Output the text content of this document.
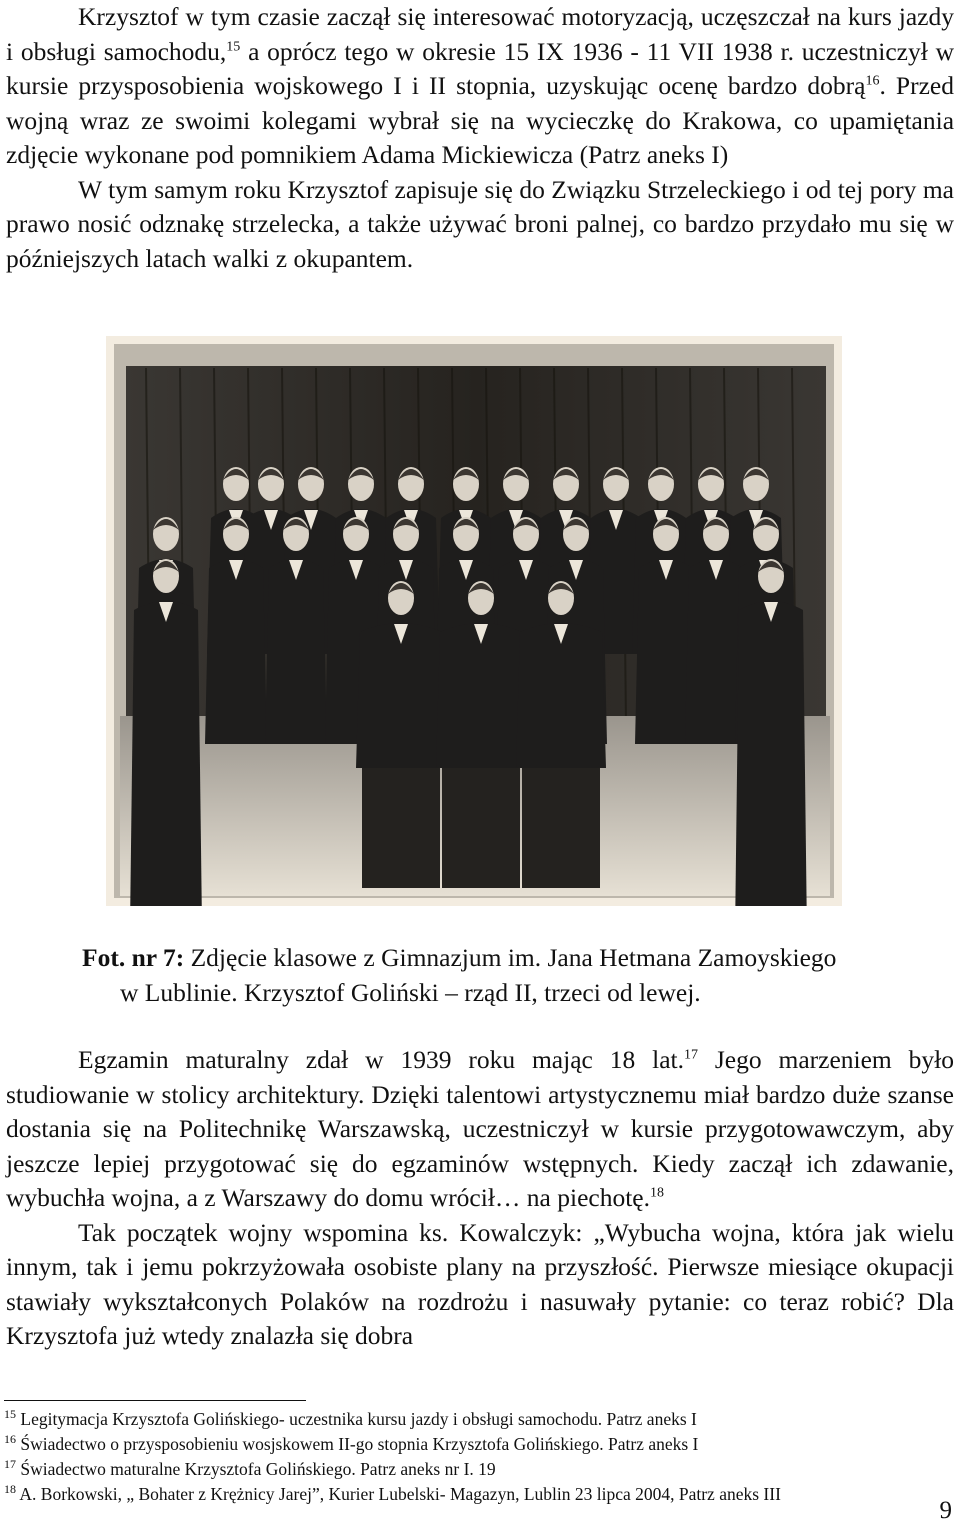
Krzysztof w tym czasie zaczął się interesować motoryzacją, uczęszczał na kurs jazdy i obsługi samochodu,$^{15}$ a oprócz tego w okresie 15 IX 1936 - 11 VII 1938 r. uczestniczył w kursie przysposobienia wojskowego I i II stopnia, uzyskując ocenę bardzo dobrą$^{16}$. Przed wojną wraz ze swoimi kolegami wybrał się na wycieczkę do Krakowa, co upamiętania zdjęcie wykonane pod pomnikiem Adama Mickiewicza (Patrz aneks I)

W tym samym roku Krzysztof zapisuje się do Związku Strzeleckiego i od tej pory ma prawo nosić odznakę strzelecka, a także używać broni palnej, co bardzo przydało mu się w późniejszych latach walki z okupantem.

Fot. nr 7: Zdjęcie klasowe z Gimnazjum im. Jana Hetmana Zamoyskiego
w Lublinie. Krzysztof Goliński – rząd II, trzeci od lewej.

Egzamin maturalny zdał w 1939 roku mając 18 lat.$^{17}$ Jego marzeniem było studiowanie w stolicy architektury. Dzięki talentowi artystycznemu miał bardzo duże szanse dostania się na Politechnikę Warszawską, uczestniczył w kursie przygotowawczym, aby jeszcze lepiej przygotować się do egzaminów wstępnych. Kiedy zaczął ich zdawanie, wybuchła wojna, a z Warszawy do domu wrócił… na piechotę.$^{18}$

Tak początek wojny wspomina ks. Kowalczyk: „Wybucha wojna, która jak wielu innym, tak i jemu pokrzyżowała osobiste plany na przyszłość. Pierwsze miesiące okupacji stawiały wykształconych Polaków na rozdrożu i nasuwały pytanie: co teraz robić? Dla Krzysztofa już wtedy znalazła się dobra

$^{15}$ Legitymacja Krzysztofa Golińskiego- uczestnika kursu jazdy i obsługi samochodu. Patrz aneks I
$^{16}$ Świadectwo o przysposobieniu wosjskowem II-go stopnia Krzysztofa Golińskiego. Patrz aneks I
$^{17}$ Świadectwo maturalne Krzysztofa Golińskiego. Patrz aneks nr I. 19
$^{18}$ A. Borkowski, „ Bohater z Krężnicy Jarej”, Kurier Lubelski- Magazyn, Lublin 23 lipca 2004, Patrz aneks III
9
